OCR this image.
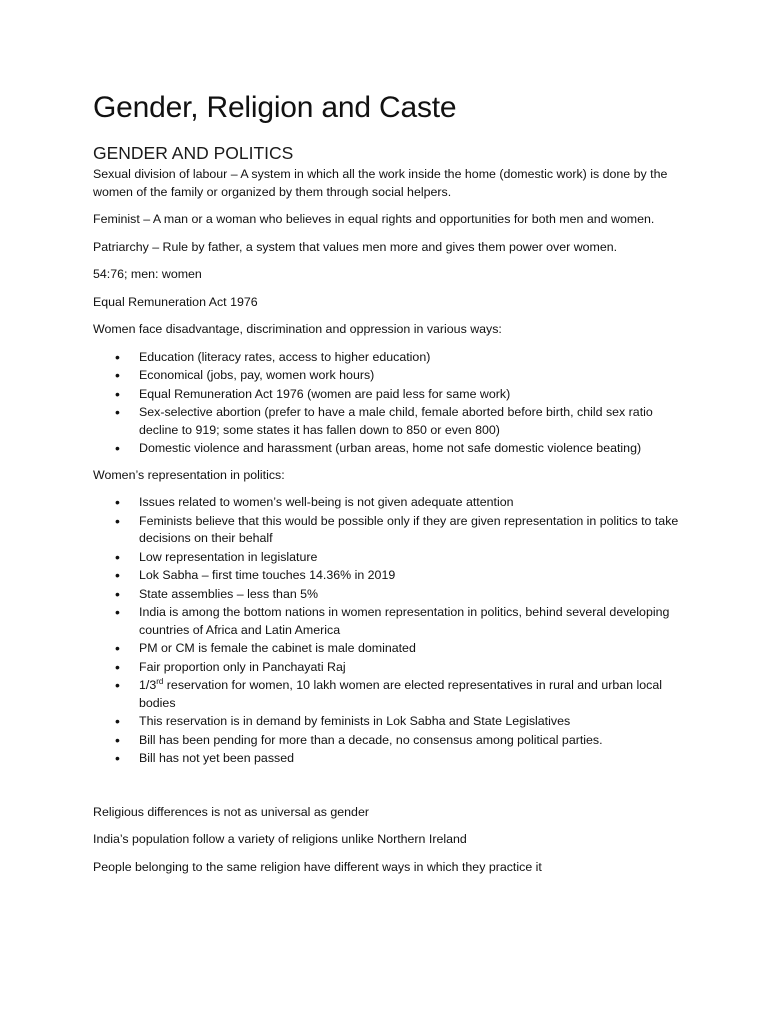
Gender, Religion and Caste
GENDER AND POLITICS

Sexual division of labour – A system in which all the work inside the home (domestic work) is done by the women of the family or organized by them through social helpers.

Feminist – A man or a woman who believes in equal rights and opportunities for both men and women.

Patriarchy – Rule by father, a system that values men more and gives them power over women.

54:76; men: women

Equal Remuneration Act 1976

Women face disadvantage, discrimination and oppression in various ways:

• Education (literacy rates, access to higher education)
• Economical (jobs, pay, women work hours)
• Equal Remuneration Act 1976 (women are paid less for same work)
• Sex-selective abortion (prefer to have a male child, female aborted before birth, child sex ratio decline to 919; some states it has fallen down to 850 or even 800)
• Domestic violence and harassment (urban areas, home not safe domestic violence beating)

Women’s representation in politics:

• Issues related to women’s well-being is not given adequate attention
• Feminists believe that this would be possible only if they are given representation in politics to take decisions on their behalf
• Low representation in legislature
• Lok Sabha – first time touches 14.36% in 2019
• State assemblies – less than 5%
• India is among the bottom nations in women representation in politics, behind several developing countries of Africa and Latin America
• PM or CM is female the cabinet is male dominated
• Fair proportion only in Panchayati Raj
• 1/3rd reservation for women, 10 lakh women are elected representatives in rural and urban local bodies
• This reservation is in demand by feminists in Lok Sabha and State Legislatives
• Bill has been pending for more than a decade, no consensus among political parties.
• Bill has not yet been passed

Religious differences is not as universal as gender

India’s population follow a variety of religions unlike Northern Ireland

People belonging to the same religion have different ways in which they practice it
